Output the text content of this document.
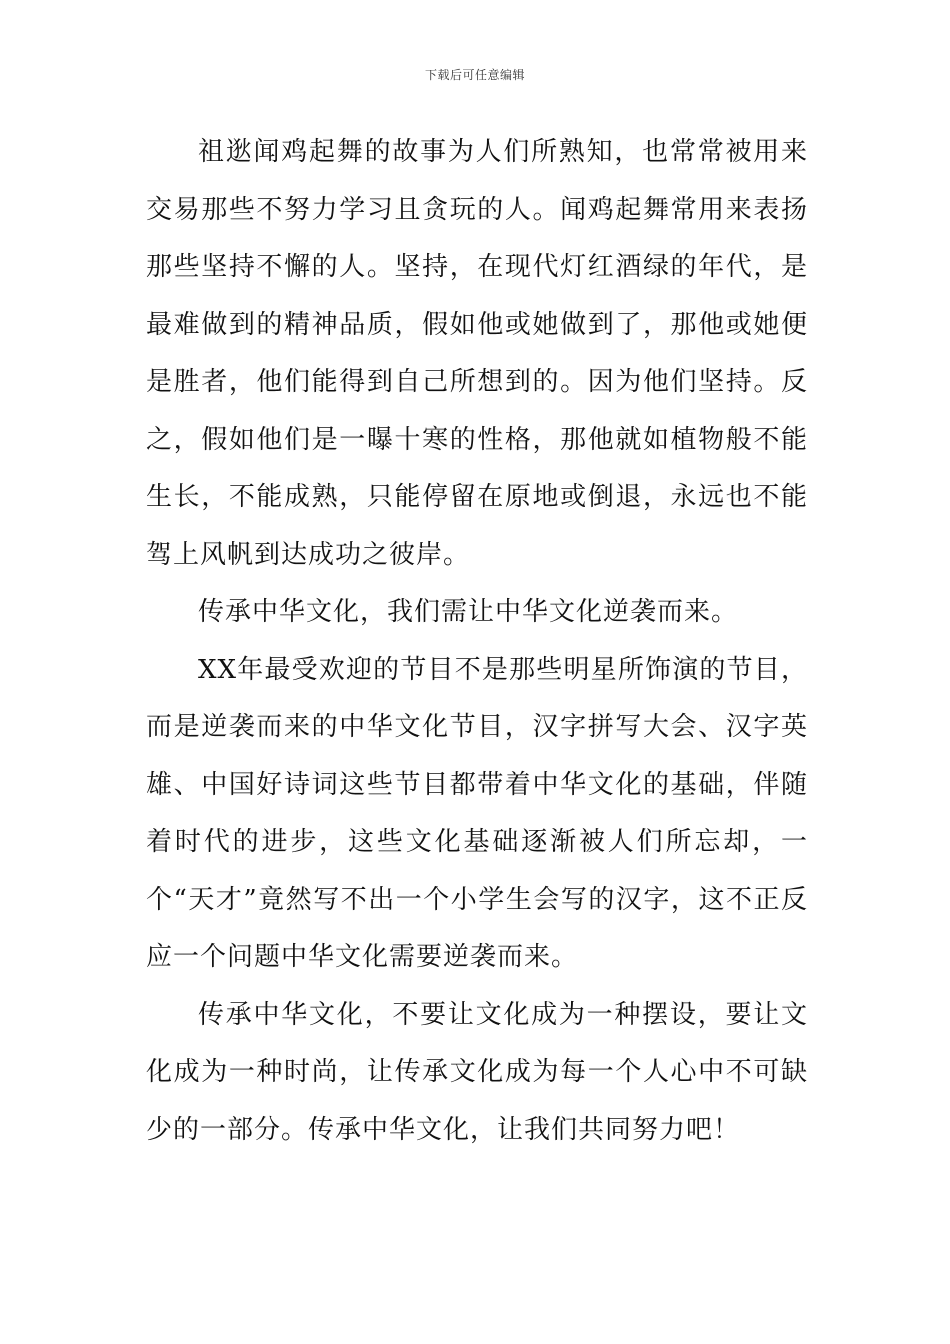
下载后可任意编辑

祖逖闻鸡起舞的故事为人们所熟知，也常常被用来交易那些不努力学习且贪玩的人。闻鸡起舞常用来表扬那些坚持不懈的人。坚持，在现代灯红酒绿的年代，是最难做到的精神品质，假如他或她做到了，那他或她便是胜者，他们能得到自己所想到的。因为他们坚持。反之，假如他们是一曝十寒的性格，那他就如植物般不能生长，不能成熟，只能停留在原地或倒退，永远也不能驾上风帆到达成功之彼岸。

传承中华文化，我们需让中华文化逆袭而来。

XX年最受欢迎的节目不是那些明星所饰演的节目，而是逆袭而来的中华文化节目，汉字拼写大会、汉字英雄、中国好诗词这些节目都带着中华文化的基础，伴随着时代的进步，这些文化基础逐渐被人们所忘却，一个“天才”竟然写不出一个小学生会写的汉字，这不正反应一个问题中华文化需要逆袭而来。

传承中华文化，不要让文化成为一种摆设，要让文化成为一种时尚，让传承文化成为每一个人心中不可缺少的一部分。传承中华文化，让我们共同努力吧！
